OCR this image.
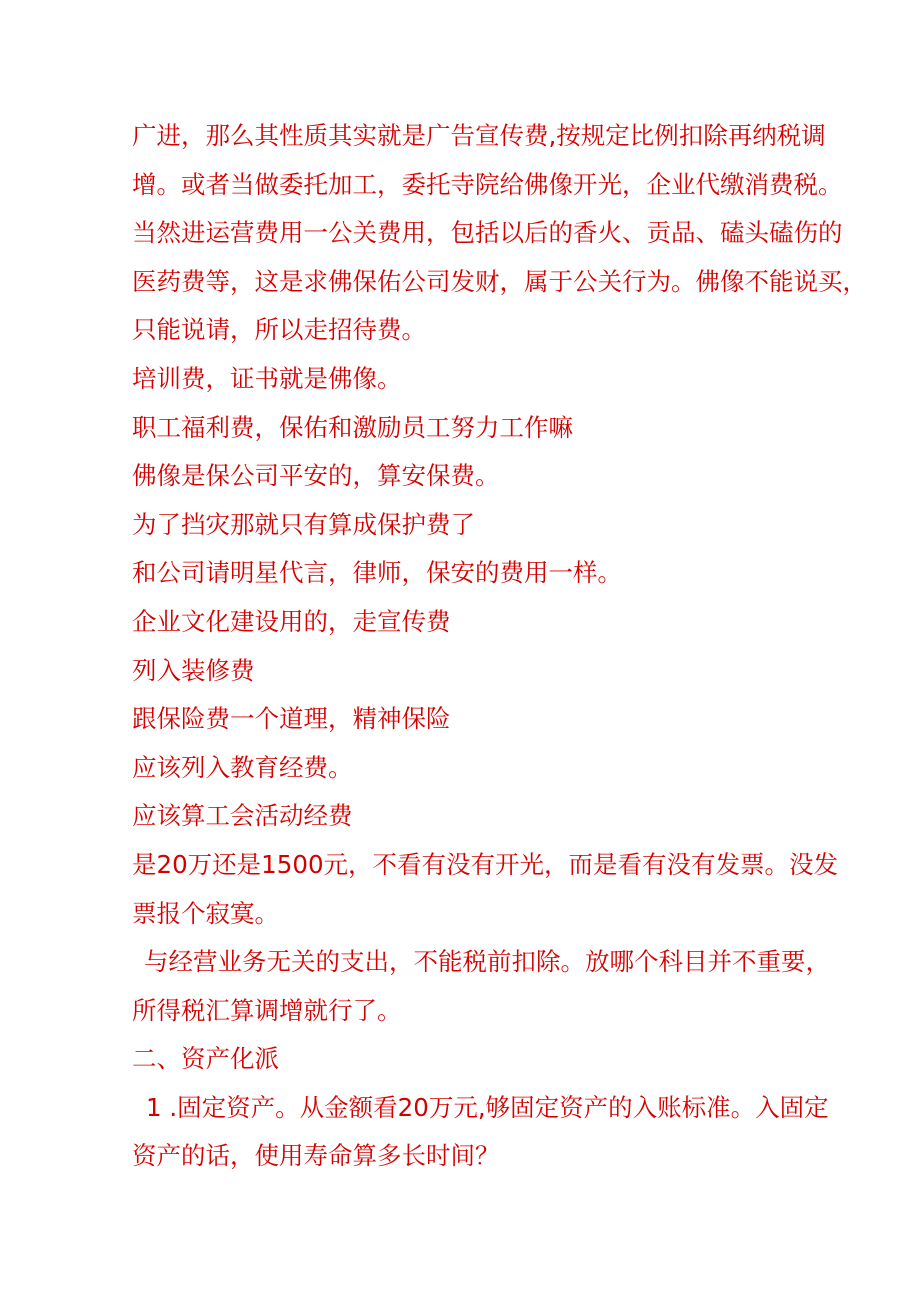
广进，那么其性质其实就是广告宣传费,按规定比例扣除再纳税调
增。或者当做委托加工，委托寺院给佛像开光，企业代缴消费税。
当然进运营费用一公关费用，包括以后的香火、贡品、磕头磕伤的
医药费等，这是求佛保佑公司发财，属于公关行为。佛像不能说买，
只能说请，所以走招待费。
培训费，证书就是佛像。
职工福利费，保佑和激励员工努力工作嘛
佛像是保公司平安的，算安保费。
为了挡灾那就只有算成保护费了
和公司请明星代言，律师，保安的费用一样。
企业文化建设用的，走宣传费
列入装修费
跟保险费一个道理，精神保险
应该列入教育经费。
应该算工会活动经费
是20万还是1500元，不看有没有开光，而是看有没有发票。没发
票报个寂寞。
与经营业务无关的支出，不能税前扣除。放哪个科目并不重要，
所得税汇算调增就行了。
二、资产化派
1 .固定资产。从金额看20万元,够固定资产的入账标准。入固定
资产的话，使用寿命算多长时间？
